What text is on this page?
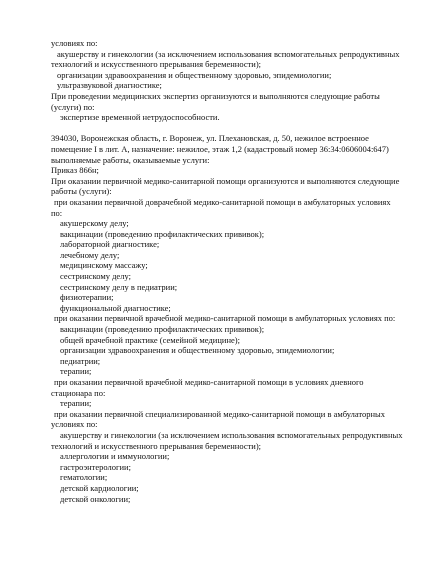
условиях по:
акушерству и гинекологии (за исключением использования вспомогательных репродуктивных
технологий и искусственного прерывания беременности);
организации здравоохранения и общественному здоровью, эпидемиологии;
ультразвуковой диагностике;
При проведении медицинских экспертиз организуются и выполняются следующие работы
(услуги) по:
экспертизе временной нетрудоспособности.
394030, Воронежская область, г. Воронеж, ул. Плехановская, д. 50, нежилое встроенное
помещение I в лит. А, назначение: нежилое, этаж 1,2 (кадастровый номер 36:34:0606004:647)
выполняемые работы, оказываемые услуги:
Приказ 866н;
При оказании первичной медико-санитарной помощи организуются и выполняются следующие
работы (услуги):
при оказании первичной доврачебной медико-санитарной помощи в амбулаторных условиях
по:
акушерскому делу;
вакцинации (проведению профилактических прививок);
лабораторной диагностике;
лечебному делу;
медицинскому массажу;
сестринскому делу;
сестринскому делу в педиатрии;
физиотерапии;
функциональной диагностике;
при оказании первичной врачебной медико-санитарной помощи в амбулаторных условиях по:
вакцинации (проведению профилактических прививок);
общей врачебной практике (семейной медицине);
организации здравоохранения и общественному здоровью, эпидемиологии;
педиатрии;
терапии;
при оказании первичной врачебной медико-санитарной помощи в условиях дневного
стационара по:
терапии;
при оказании первичной специализированной медико-санитарной помощи в амбулаторных
условиях по:
акушерству и гинекологии (за исключением использования вспомогательных репродуктивных
технологий и искусственного прерывания беременности);
аллергологии и иммунологии;
гастроэнтерологии;
гематологии;
детской кардиологии;
детской онкологии;
